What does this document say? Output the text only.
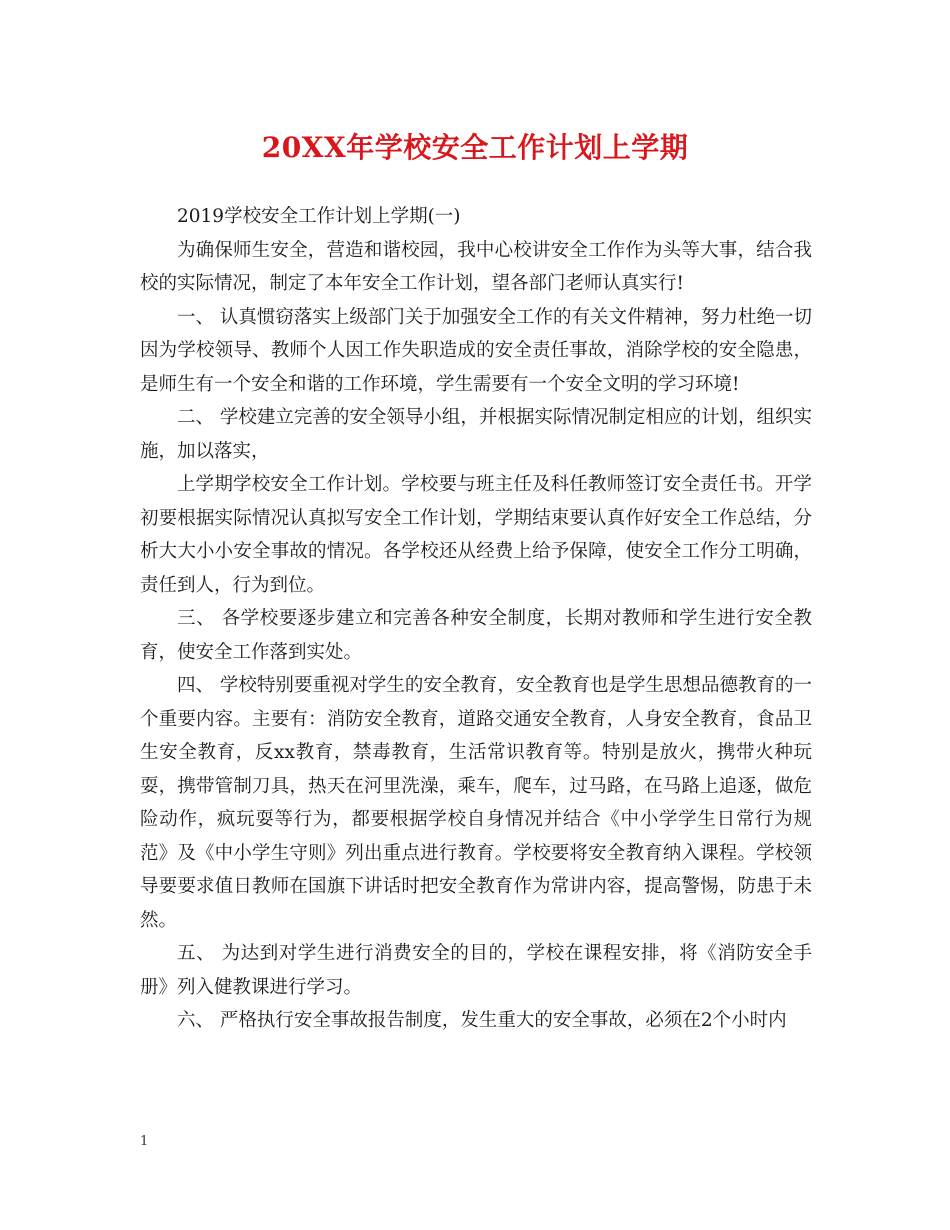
20XX年学校安全工作计划上学期

2019学校安全工作计划上学期(一)

为确保师生安全，营造和谐校园，我中心校讲安全工作作为头等大事，结合我校的实际情况，制定了本年安全工作计划，望各部门老师认真实行!

一、 认真惯窃落实上级部门关于加强安全工作的有关文件精神，努力杜绝一切因为学校领导、教师个人因工作失职造成的安全责任事故，消除学校的安全隐患，是师生有一个安全和谐的工作环境，学生需要有一个安全文明的学习环境!

二、 学校建立完善的安全领导小组，并根据实际情况制定相应的计划，组织实施，加以落实，

上学期学校安全工作计划。学校要与班主任及科任教师签订安全责任书。开学初要根据实际情况认真拟写安全工作计划，学期结束要认真作好安全工作总结，分析大大小小安全事故的情况。各学校还从经费上给予保障，使安全工作分工明确，责任到人，行为到位。

三、 各学校要逐步建立和完善各种安全制度，长期对教师和学生进行安全教育，使安全工作落到实处。

四、 学校特别要重视对学生的安全教育，安全教育也是学生思想品德教育的一个重要内容。主要有：消防安全教育，道路交通安全教育，人身安全教育，食品卫生安全教育，反xx教育，禁毒教育，生活常识教育等。特别是放火，携带火种玩耍，携带管制刀具，热天在河里洗澡，乘车，爬车，过马路，在马路上追逐，做危险动作，疯玩耍等行为，都要根据学校自身情况并结合《中小学学生日常行为规范》及《中小学生守则》列出重点进行教育。学校要将安全教育纳入课程。学校领导要要求值日教师在国旗下讲话时把安全教育作为常讲内容，提高警惕，防患于未然。

五、 为达到对学生进行消费安全的目的，学校在课程安排，将《消防安全手册》列入健教课进行学习。

六、 严格执行安全事故报告制度，发生重大的安全事故，必须在2个小时内

1
